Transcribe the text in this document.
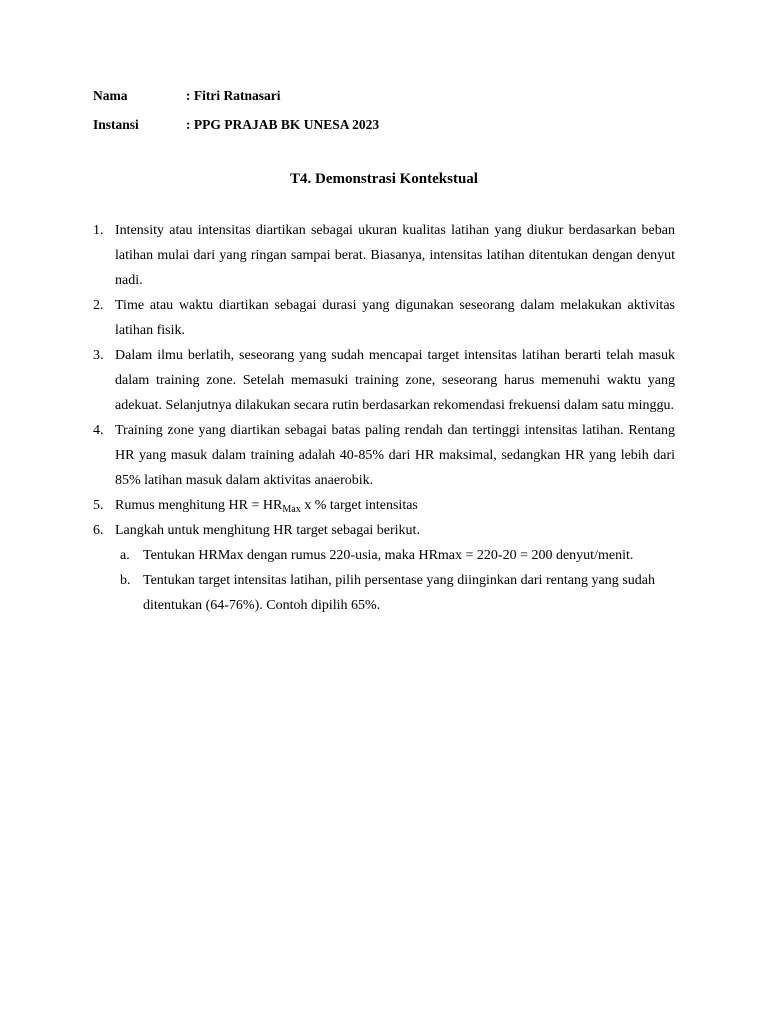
Nama	: Fitri Ratnasari
Instansi	: PPG PRAJAB BK UNESA 2023
T4. Demonstrasi Kontekstual
1. Intensity atau intensitas diartikan sebagai ukuran kualitas latihan yang diukur berdasarkan beban latihan mulai dari yang ringan sampai berat. Biasanya, intensitas latihan ditentukan dengan denyut nadi.
2. Time atau waktu diartikan sebagai durasi yang digunakan seseorang dalam melakukan aktivitas latihan fisik.
3. Dalam ilmu berlatih, seseorang yang sudah mencapai target intensitas latihan berarti telah masuk dalam training zone. Setelah memasuki training zone, seseorang harus memenuhi waktu yang adekuat. Selanjutnya dilakukan secara rutin berdasarkan rekomendasi frekuensi dalam satu minggu.
4. Training zone yang diartikan sebagai batas paling rendah dan tertinggi intensitas latihan. Rentang HR yang masuk dalam training adalah 40-85% dari HR maksimal, sedangkan HR yang lebih dari 85% latihan masuk dalam aktivitas anaerobik.
5. Rumus menghitung HR = $HR_{Max}$ x % target intensitas
6. Langkah untuk menghitung HR target sebagai berikut.
a. Tentukan HRMax dengan rumus 220-usia, maka HRmax = 220-20 = 200 denyut/menit.
b. Tentukan target intensitas latihan, pilih persentase yang diinginkan dari rentang yang sudah ditentukan (64-76%). Contoh dipilih 65%.
